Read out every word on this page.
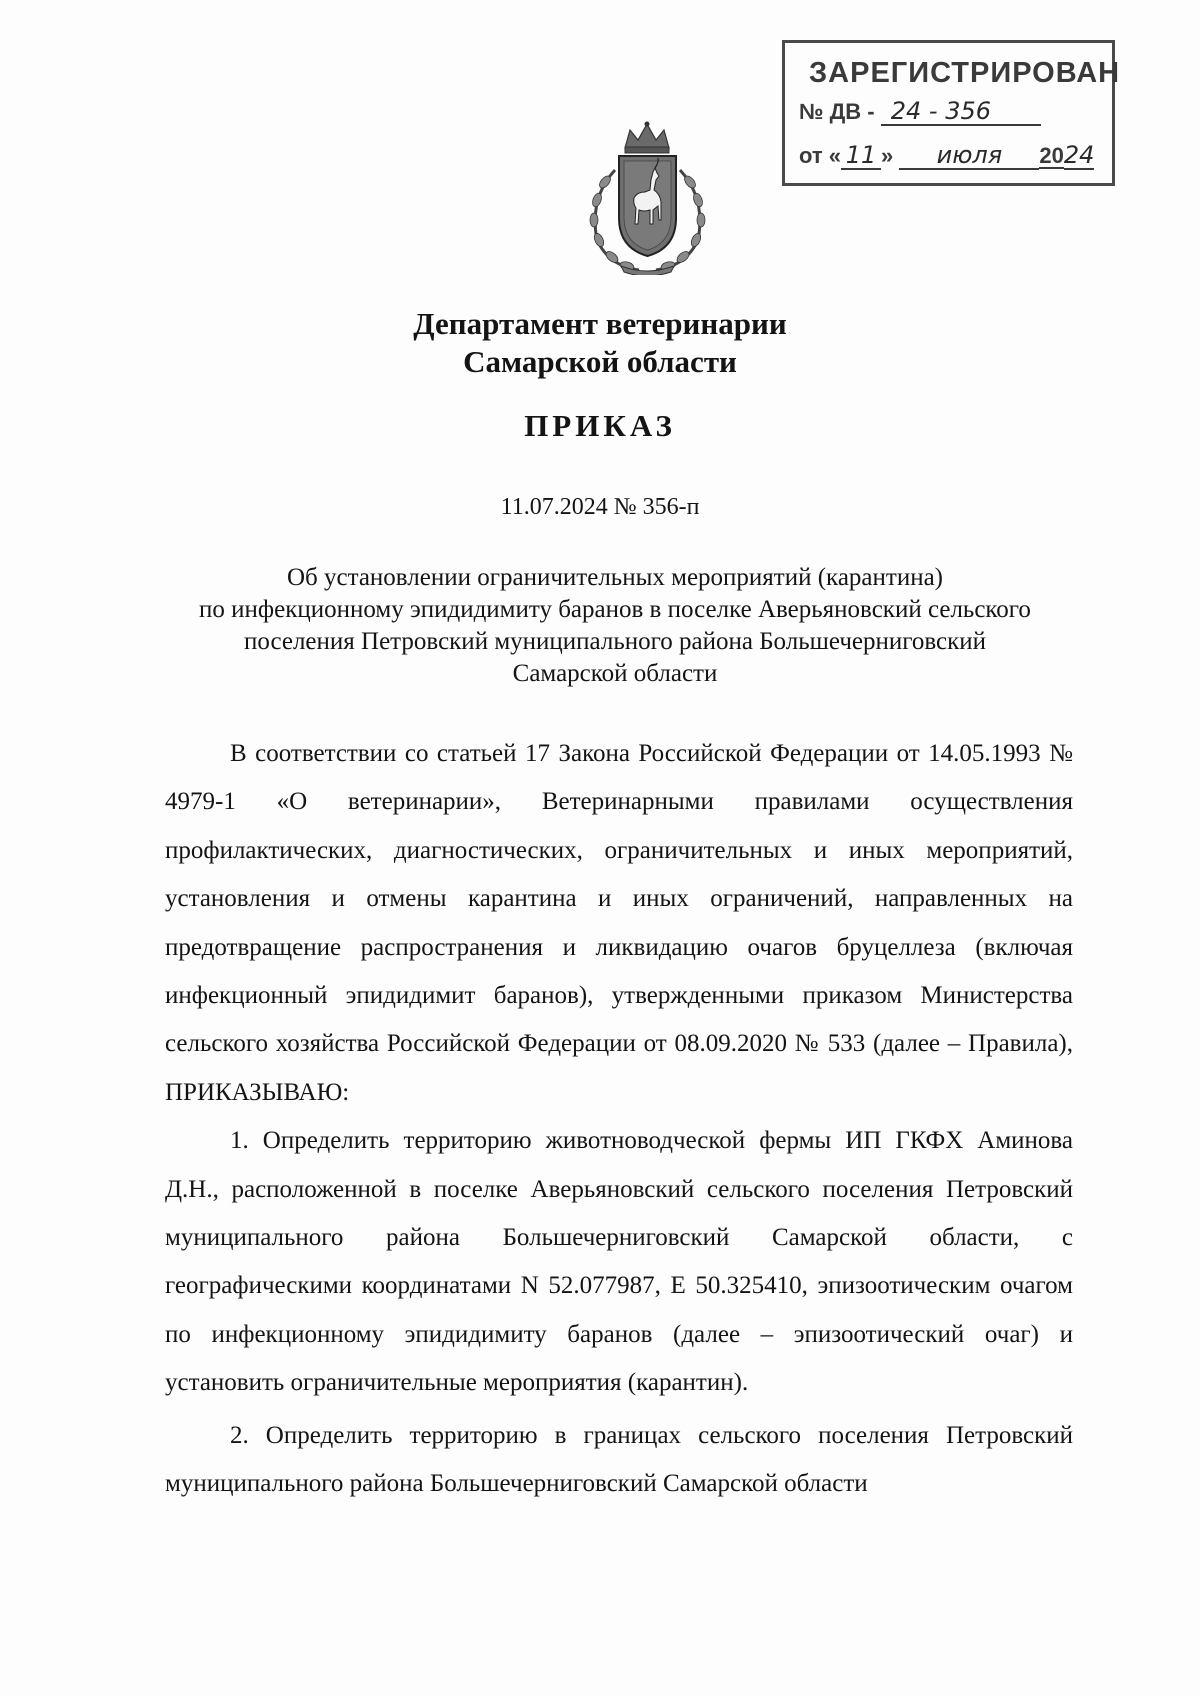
ЗАРЕГИСТРИРОВАН
№ ДВ - 24 - 356
от « 11 » июля 2024
Департамент ветеринарии
Самарской области
ПРИКАЗ
11.07.2024 № 356-п
Об установлении ограничительных мероприятий (карантина)
по инфекционному эпидидимиту баранов в поселке Аверьяновский сельского
поселения Петровский муниципального района Большечерниговский
Самарской области

В соответствии со статьей 17 Закона Российской Федерации от 14.05.1993 № 4979-1 «О ветеринарии», Ветеринарными правилами осуществления профилактических, диагностических, ограничительных и иных мероприятий, установления и отмены карантина и иных ограничений, направленных на предотвращение распространения и ликвидацию очагов бруцеллеза (включая инфекционный эпидидимит баранов), утвержденными приказом Министерства сельского хозяйства Российской Федерации от 08.09.2020 № 533 (далее – Правила), ПРИКАЗЫВАЮ:

1. Определить территорию животноводческой фермы ИП ГКФХ Аминова Д.Н., расположенной в поселке Аверьяновский сельского поселения Петровский муниципального района Большечерниговский Самарской области, с географическими координатами N 52.077987, E 50.325410, эпизоотическим очагом по инфекционному эпидидимиту баранов (далее – эпизоотический очаг) и установить ограничительные мероприятия (карантин).

2. Определить территорию в границах сельского поселения Петровский муниципального района Большечерниговский Самарской области
